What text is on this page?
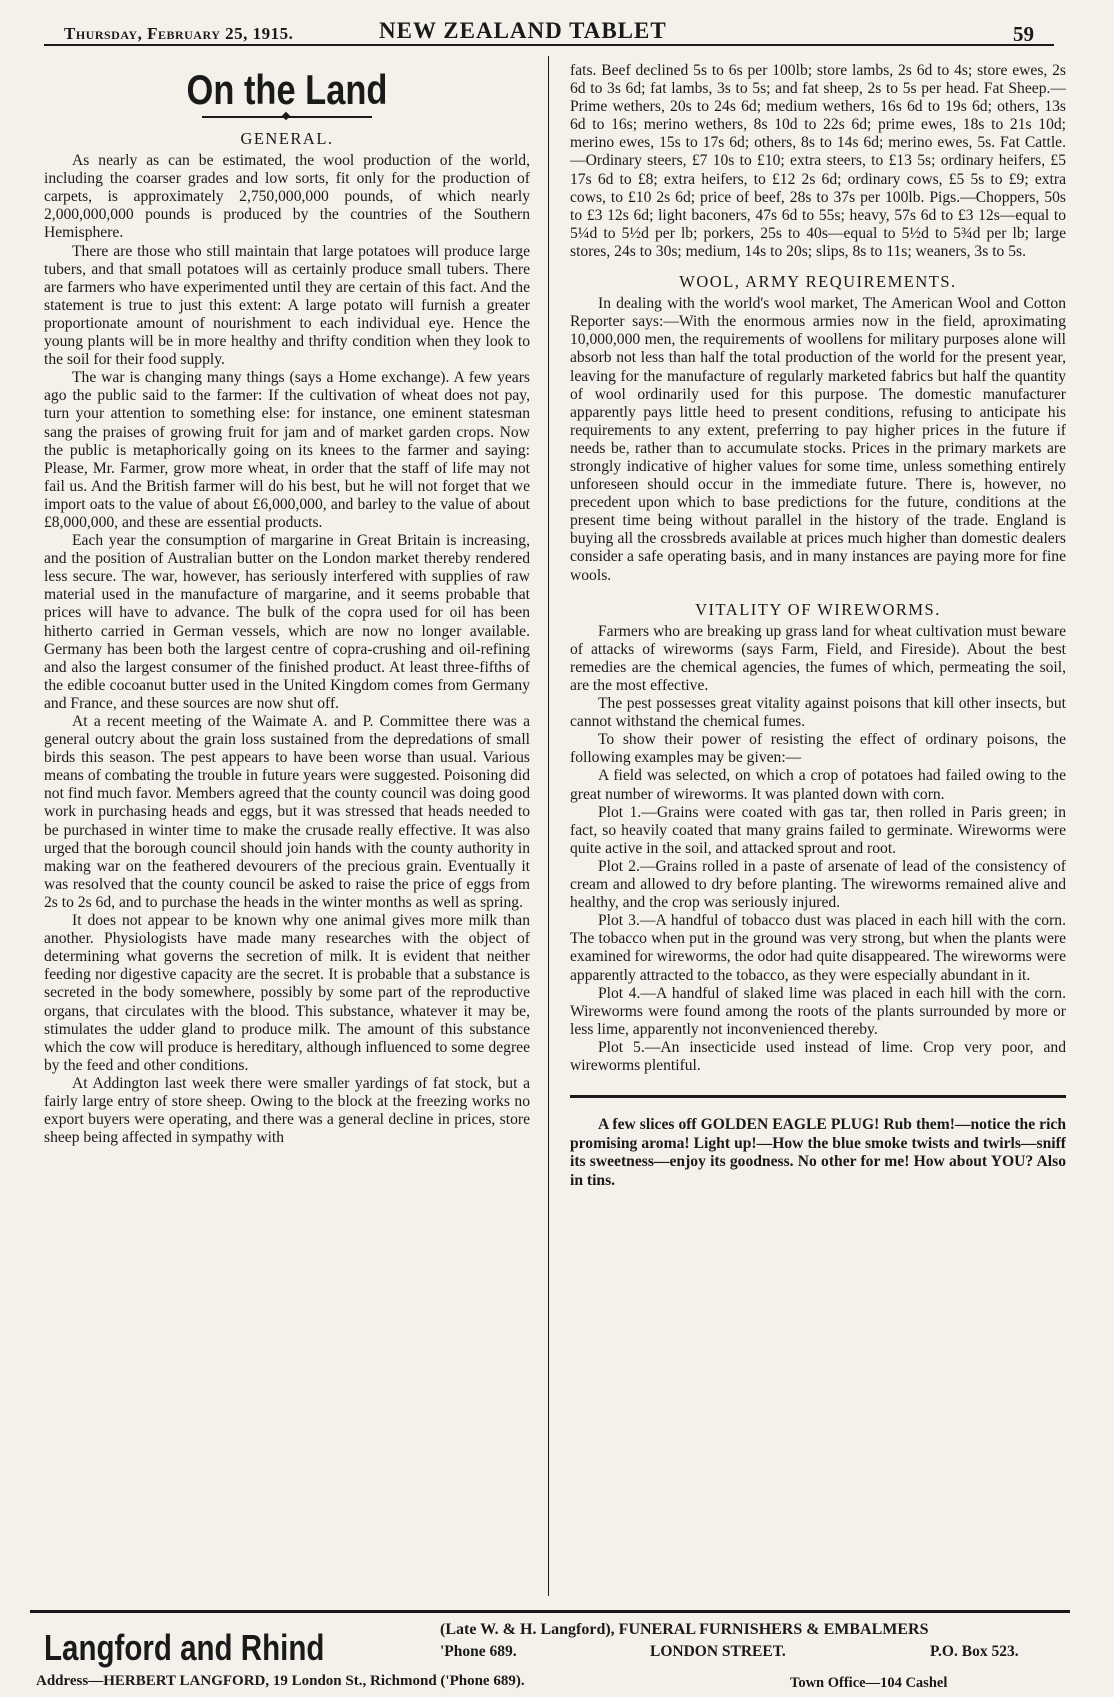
Thursday, February 25, 1915.	NEW ZEALAND TABLET	59
On the Land
GENERAL.

As nearly as can be estimated, the wool production of the world, including the coarser grades and low sorts, fit only for the production of carpets, is approximately 2,750,000,000 pounds, of which nearly 2,000,000,000 pounds is produced by the countries of the Southern Hemisphere.

There are those who still maintain that large potatoes will produce large tubers, and that small potatoes will as certainly produce small tubers. There are farmers who have experimented until they are certain of this fact. And the statement is true to just this extent: A large potato will furnish a greater proportionate amount of nourishment to each individual eye. Hence the young plants will be in more healthy and thrifty condition when they look to the soil for their food supply.

The war is changing many things (says a Home exchange). A few years ago the public said to the farmer: If the cultivation of wheat does not pay, turn your attention to something else: for instance, one eminent statesman sang the praises of growing fruit for jam and of market garden crops. Now the public is metaphorically going on its knees to the farmer and saying: Please, Mr. Farmer, grow more wheat, in order that the staff of life may not fail us. And the British farmer will do his best, but he will not forget that we import oats to the value of about £6,000,000, and barley to the value of about £8,000,000, and these are essential products.

Each year the consumption of margarine in Great Britain is increasing, and the position of Australian butter on the London market thereby rendered less secure. The war, however, has seriously interfered with supplies of raw material used in the manufacture of margarine, and it seems probable that prices will have to advance. The bulk of the copra used for oil has been hitherto carried in German vessels, which are now no longer available. Germany has been both the largest centre of copra-crushing and oil-refining and also the largest consumer of the finished product. At least three-fifths of the edible cocoanut butter used in the United Kingdom comes from Germany and France, and these sources are now shut off.

At a recent meeting of the Waimate A. and P. Committee there was a general outcry about the grain loss sustained from the depredations of small birds this season. The pest appears to have been worse than usual. Various means of combating the trouble in future years were suggested. Poisoning did not find much favor. Members agreed that the county council was doing good work in purchasing heads and eggs, but it was stressed that heads needed to be purchased in winter time to make the crusade really effective. It was also urged that the borough council should join hands with the county authority in making war on the feathered devourers of the precious grain. Eventually it was resolved that the county council be asked to raise the price of eggs from 2s to 2s 6d, and to purchase the heads in the winter months as well as spring.

It does not appear to be known why one animal gives more milk than another. Physiologists have made many researches with the object of determining what governs the secretion of milk. It is evident that neither feeding nor digestive capacity are the secret. It is probable that a substance is secreted in the body somewhere, possibly by some part of the reproductive organs, that circulates with the blood. This substance, whatever it may be, stimulates the udder gland to produce milk. The amount of this substance which the cow will produce is hereditary, although influenced to some degree by the feed and other conditions.

At Addington last week there were smaller yardings of fat stock, but a fairly large entry of store sheep. Owing to the block at the freezing works no export buyers were operating, and there was a general decline in prices, store sheep being affected in sympathy with

fats. Beef declined 5s to 6s per 100lb; store lambs, 2s 6d to 4s; store ewes, 2s 6d to 3s 6d; fat lambs, 3s to 5s; and fat sheep, 2s to 5s per head. Fat Sheep.—Prime wethers, 20s to 24s 6d; medium wethers, 16s 6d to 19s 6d; others, 13s 6d to 16s; merino wethers, 8s 10d to 22s 6d; prime ewes, 18s to 21s 10d; merino ewes, 15s to 17s 6d; others, 8s to 14s 6d; merino ewes, 5s. Fat Cattle.—Ordinary steers, £7 10s to £10; extra steers, to £13 5s; ordinary heifers, £5 17s 6d to £8; extra heifers, to £12 2s 6d; ordinary cows, £5 5s to £9; extra cows, to £10 2s 6d; price of beef, 28s to 37s per 100lb. Pigs.—Choppers, 50s to £3 12s 6d; light baconers, 47s 6d to 55s; heavy, 57s 6d to £3 12s—equal to 5¼d to 5½d per lb; porkers, 25s to 40s—equal to 5½d to 5¾d per lb; large stores, 24s to 30s; medium, 14s to 20s; slips, 8s to 11s; weaners, 3s to 5s.

WOOL, ARMY REQUIREMENTS.

In dealing with the world's wool market, The American Wool and Cotton Reporter says:—With the enormous armies now in the field, aproximating 10,000,000 men, the requirements of woollens for military purposes alone will absorb not less than half the total production of the world for the present year, leaving for the manufacture of regularly marketed fabrics but half the quantity of wool ordinarily used for this purpose. The domestic manufacturer apparently pays little heed to present conditions, refusing to anticipate his requirements to any extent, preferring to pay higher prices in the future if needs be, rather than to accumulate stocks. Prices in the primary markets are strongly indicative of higher values for some time, unless something entirely unforeseen should occur in the immediate future. There is, however, no precedent upon which to base predictions for the future, conditions at the present time being without parallel in the history of the trade. England is buying all the crossbreds available at prices much higher than domestic dealers consider a safe operating basis, and in many instances are paying more for fine wools.

VITALITY OF WIREWORMS.

Farmers who are breaking up grass land for wheat cultivation must beware of attacks of wireworms (says Farm, Field, and Fireside). About the best remedies are the chemical agencies, the fumes of which, permeating the soil, are the most effective.

The pest possesses great vitality against poisons that kill other insects, but cannot withstand the chemical fumes.

To show their power of resisting the effect of ordinary poisons, the following examples may be given:—

A field was selected, on which a crop of potatoes had failed owing to the great number of wireworms. It was planted down with corn.

Plot 1.—Grains were coated with gas tar, then rolled in Paris green; in fact, so heavily coated that many grains failed to germinate. Wireworms were quite active in the soil, and attacked sprout and root.

Plot 2.—Grains rolled in a paste of arsenate of lead of the consistency of cream and allowed to dry before planting. The wireworms remained alive and healthy, and the crop was seriously injured.

Plot 3.—A handful of tobacco dust was placed in each hill with the corn. The tobacco when put in the ground was very strong, but when the plants were examined for wireworms, the odor had quite disappeared. The wireworms were apparently attracted to the tobacco, as they were especially abundant in it.

Plot 4.—A handful of slaked lime was placed in each hill with the corn. Wireworms were found among the roots of the plants surrounded by more or less lime, apparently not inconvenienced thereby.

Plot 5.—An insecticide used instead of lime. Crop very poor, and wireworms plentiful.

A few slices off GOLDEN EAGLE PLUG! Rub them!—notice the rich promising aroma! Light up!—How the blue smoke twists and twirls—sniff its sweetness—enjoy its goodness. No other for me! How about YOU? Also in tins.

Langford and Rhind	(Late W. & H. Langford), FUNERAL FURNISHERS & EMBALMERS
'Phone 689.	LONDON STREET.	P.O. Box 523.
Address—HERBERT LANGFORD, 19 London St., Richmond ('Phone 689).	Town Office—104 Cashel
